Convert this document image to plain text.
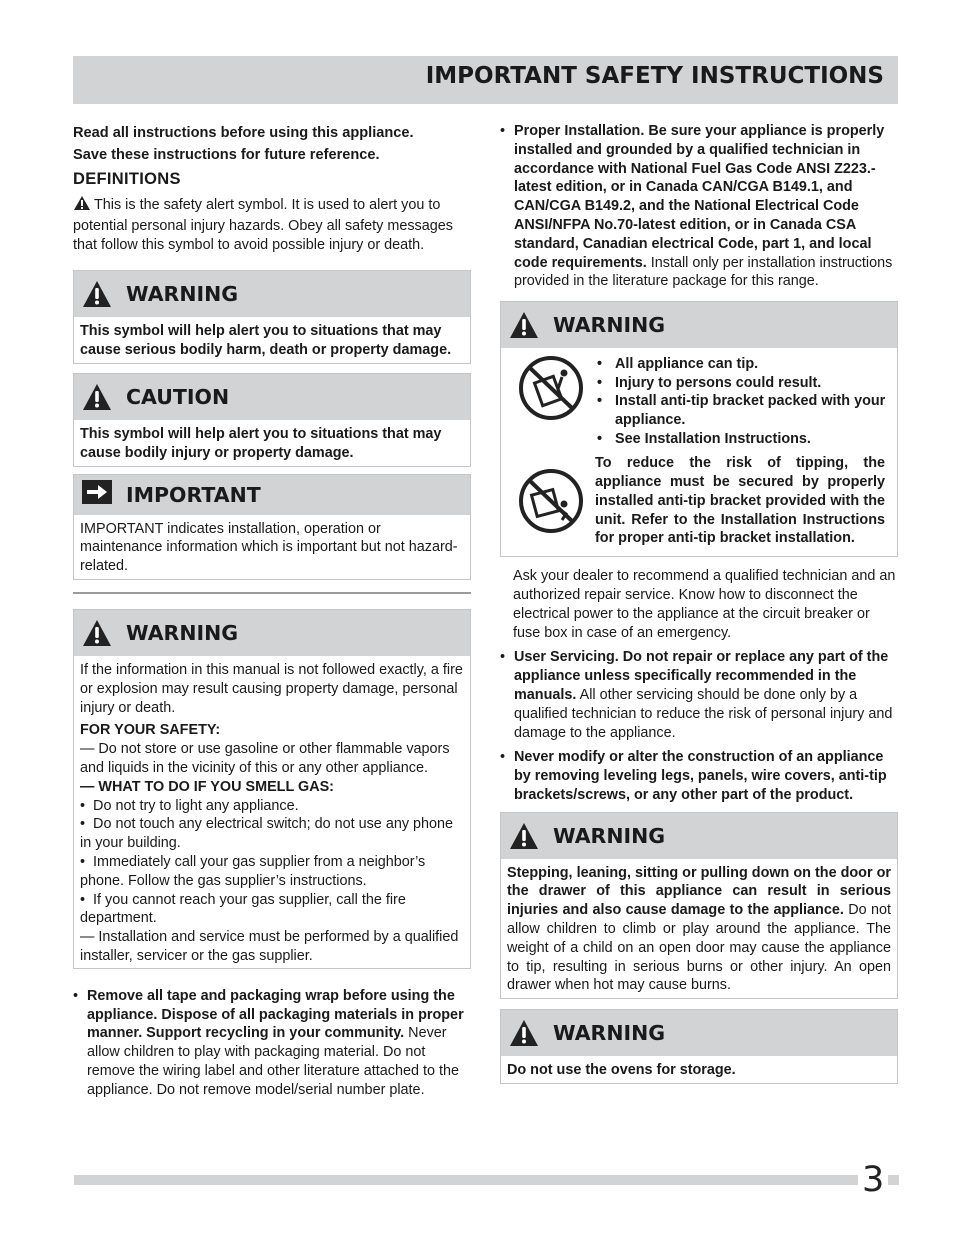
IMPORTANT SAFETY INSTRUCTIONS

Read all instructions before using this appliance.

Save these instructions for future reference.

DEFINITIONS
This is the safety alert symbol. It is used to alert you to potential personal injury hazards. Obey all safety messages that follow this symbol to avoid possible injury or death.
WARNING
This symbol will help alert you to situations that may cause serious bodily harm, death or property damage.
CAUTION
This symbol will help alert you to situations that may cause bodily injury or property damage.
IMPORTANT
IMPORTANT indicates installation, operation or maintenance information which is important but not hazard-related.
WARNING
If the information in this manual is not followed exactly, a fire or explosion may result causing property damage, personal injury or death.
FOR YOUR SAFETY:
— Do not store or use gasoline or other flammable vapors and liquids in the vicinity of this or any other appliance.
— WHAT TO DO IF YOU SMELL GAS:
•  Do not try to light any appliance.
•  Do not touch any electrical switch; do not use any phone in your building.
•  Immediately call your gas supplier from a neighbor’s phone. Follow the gas supplier’s instructions.
•  If you cannot reach your gas supplier, call the fire department.
— Installation and service must be performed by a qualified installer, servicer or the gas supplier.
• Remove all tape and packaging wrap before using the appliance. Dispose of all packaging materials in proper manner. Support recycling in your community. Never allow children to play with packaging material. Do not remove the wiring label and other literature attached to the appliance. Do not remove model/serial number plate.
• Proper Installation. Be sure your appliance is properly installed and grounded by a qualified technician in accordance with National Fuel Gas Code ANSI Z223.-latest edition, or in Canada CAN/CGA B149.1, and CAN/CGA B149.2, and the National Electrical Code ANSI/NFPA No.70-latest edition, or in Canada CSA standard, Canadian electrical Code, part 1, and local code requirements. Install only per installation instructions provided in the literature package for this range.
WARNING
• All appliance can tip.
• Injury to persons could result.
• Install anti-tip bracket packed with your appliance.
• See Installation Instructions.
To reduce the risk of tipping, the appliance must be secured by properly installed anti-tip bracket provided with the unit. Refer to the Installation Instructions for proper anti-tip bracket installation.
Ask your dealer to recommend a qualified technician and an authorized repair service. Know how to disconnect the electrical power to the appliance at the circuit breaker or fuse box in case of an emergency.
• User Servicing. Do not repair or replace any part of the appliance unless specifically recommended in the manuals. All other servicing should be done only by a qualified technician to reduce the risk of personal injury and damage to the appliance.
• Never modify or alter the construction of an appliance by removing leveling legs, panels, wire covers, anti-tip brackets/screws, or any other part of the product.
WARNING
Stepping, leaning, sitting or pulling down on the door or the drawer of this appliance can result in serious injuries and also cause damage to the appliance. Do not allow children to climb or play around the appliance. The weight of a child on an open door may cause the appliance to tip, resulting in serious burns or other injury. An open drawer when hot may cause burns.
WARNING
Do not use the ovens for storage.
3
